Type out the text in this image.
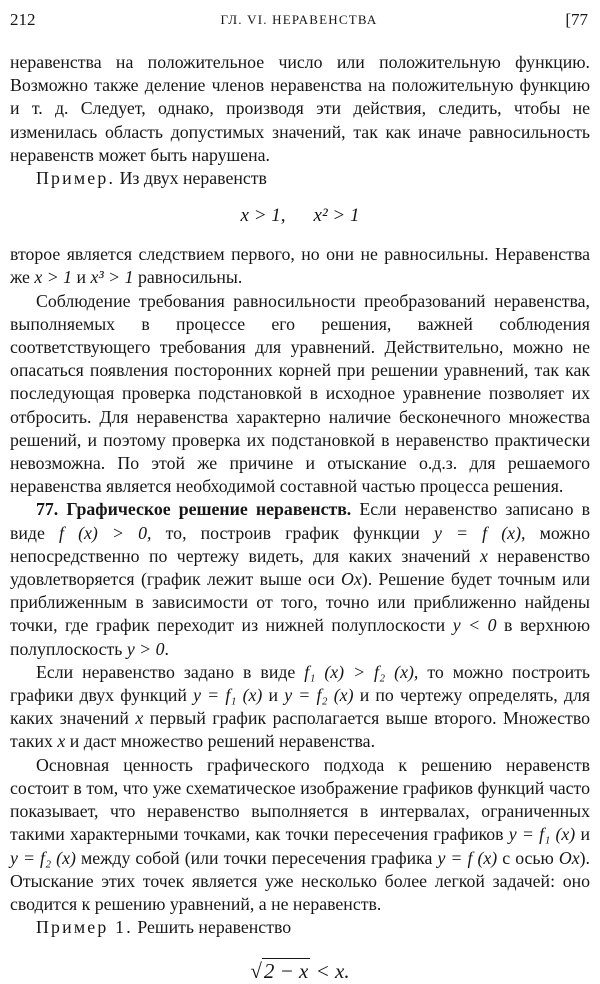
212	ГЛ. VI. НЕРАВЕНСТВА	[77

неравенства на положительное число или положительную функцию. Возможно также деление членов неравенства на положительную функцию и т. д. Следует, однако, производя эти действия, следить, чтобы не изменилась область допустимых значений, так как иначе равносильность неравенств может быть нарушена.

Пример. Из двух неравенств

x > 1, x² > 1

второе является следствием первого, но они не равносильны. Неравенства же x > 1 и x³ > 1 равносильны.

Соблюдение требования равносильности преобразований неравенства, выполняемых в процессе его решения, важней соблюдения соответствующего требования для уравнений. Действительно, можно не опасаться появления посторонних корней при решении уравнений, так как последующая проверка подстановкой в исходное уравнение позволяет их отбросить. Для неравенства характерно наличие бесконечного множества решений, и поэтому проверка их подстановкой в неравенство практически невозможна. По этой же причине и отыскание о.д.з. для решаемого неравенства является необходимой составной частью процесса решения.

77. Графическое решение неравенств. Если неравенство записано в виде f (x) > 0, то, построив график функции y = f (x), можно непосредственно по чертежу видеть, для каких значений x неравенство удовлетворяется (график лежит выше оси Ox). Решение будет точным или приближенным в зависимости от того, точно или приближенно найдены точки, где график переходит из нижней полуплоскости y < 0 в верхнюю полуплоскость y > 0.

Если неравенство задано в виде f₁ (x) > f₂ (x), то можно построить графики двух функций y = f₁ (x) и y = f₂ (x) и по чертежу определять, для каких значений x первый график располагается выше второго. Множество таких x и даст множество решений неравенства.

Основная ценность графического подхода к решению неравенств состоит в том, что уже схематическое изображение графиков функций часто показывает, что неравенство выполняется в интервалах, ограниченных такими характерными точками, как точки пересечения графиков y = f₁ (x) и y = f₂ (x) между собой (или точки пересечения графика y = f (x) с осью Ox). Отыскание этих точек является уже несколько более легкой задачей: оно сводится к решению уравнений, а не неравенств.

Пример 1. Решить неравенство

√2 − x < x.
